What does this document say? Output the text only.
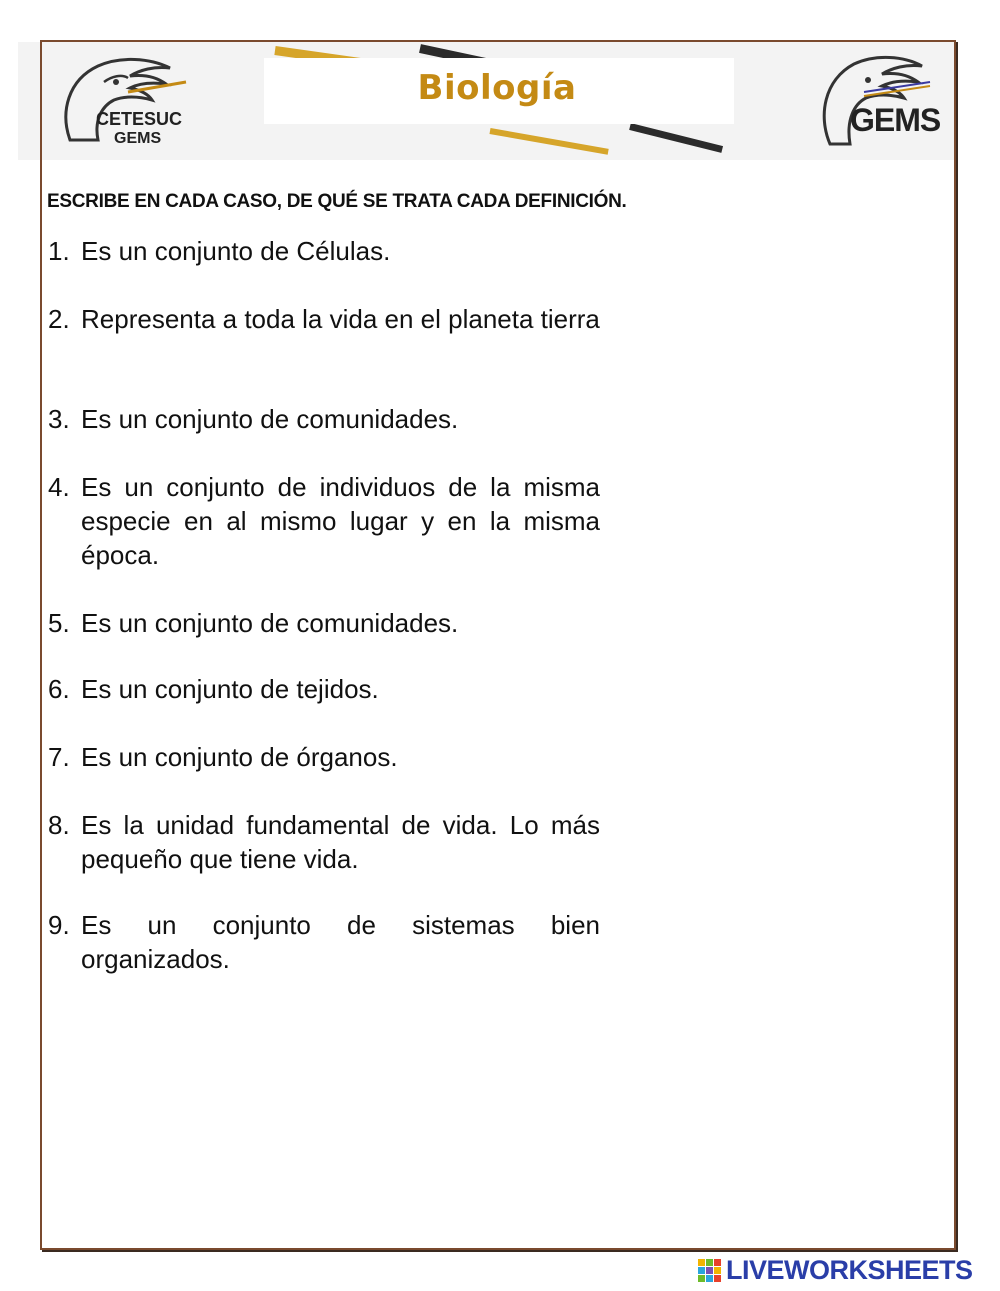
Biología
CETESUC
GEMS
GEMS
ESCRIBE EN CADA CASO, DE QUÉ SE TRATA CADA DEFINICIÓN.
1. Es un conjunto de Células.
2. Representa a toda la vida en el planeta tierra
3. Es un conjunto de comunidades.
4. Es un conjunto de individuos de la misma especie en al mismo lugar y en la misma época.
5. Es un conjunto de comunidades.
6. Es un conjunto de tejidos.
7. Es un conjunto de órganos.
8. Es la unidad fundamental de vida. Lo más pequeño que tiene vida.
9. Es un conjunto de sistemas bien organizados.
LIVEWORKSHEETS
